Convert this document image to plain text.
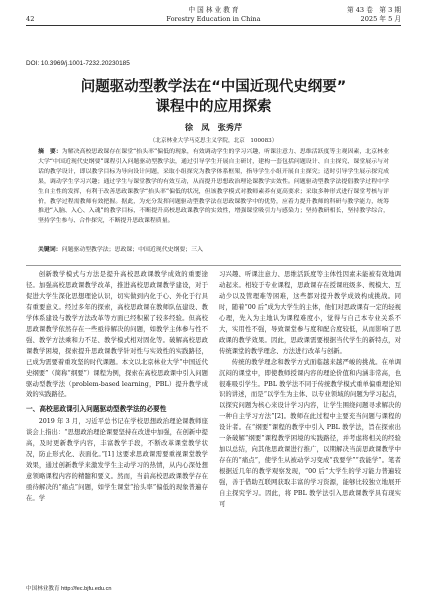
中 国 林 业 教 育
Forestry Education in China
42
第 43 卷　第 3 期
2025 年 5 月
DOI: 10.3969/j.1001-7232.20230185
问题驱动型教学法在“中国近现代史纲要”
课程中的应用探索
徐　凤　张秀芹
（北京林业大学马克思主义学院，北京　100083）
摘　要：为解决高校思政课存在课堂“抬头率”偏低的现象，有效调动学生的学习兴趣，听课注意力、思维活跃度等主观因素，北京林业大学“中国近现代史纲要”课程引入问题驱动型教学法，通过引导学生开展自主研讨，建构一套包括问题设计、自主探究、课堂展示与对话的教学设计，即以教学目标为导向设计问题，采取小组探究为教学体系框架，指导学生小组开展自主探究；适时引导学生展示探究成果，调动学生学习兴趣；通过学生与课堂教学的有效互动，从而提升思想政治理论课教学实效性。问题驱动型教学法提倡教学过程中学生自主性的发挥，有利于改善思政课教学“抬头率”偏低的状况，但该教学模式对教师素养有更高要求；采取多种形式进行课堂考核与评价，教学过程需教师有效把握。据此，为充分发挥问题驱动型教学法在思政课教学中的优势，应着力提升教师的科研与教学能力，统筹推进“入脑、入心、入魂”的教学目标，不断提升高校思政课教学的实效性，增强课堂吸引力与感染力；坚持教研相长，坚持教学综合，坚持学生参与、合作探究，不断提升思政课程质量。
关键词：问题驱动型教学法；思政课；中国近现代史纲要；三入

创新教学模式与方法是提升高校思政课教学成效的重要途径。加强高校思政课教学改革，推进高校思政课教学建设，对于促进大学生深化思想理论认识，切实做到内化于心、外化于行具有重要意义。经过多年的探索，高校思政课在教师队伍建设、教学体系建设与教学方法改革等方面已经积累了较多经验。但高校思政课教学依然存在一些亟待解决的问题，如教学主体参与性不强、教学方法乘和力不足、教学模式相对固化等。破解高校思政课教学困境，探索提升思政课教学针对性与实效性的实践路径，已成为需要着重攻坚的时代课题。本文以北京林业大学“中国近代史纲要”（简称“纲要”）课程为例，探索在高校思政课中引入问题驱动型教学法（problem-based learning，PBL）提升教学成效的实践路径。

一、高校思政课引入问题驱动型教学法的必要性

2019 年 3 月，习近平总书记在学校思想政治理论课教师座谈会上指出：“思想政治理论课要坚持在改进中加强，在创新中提高，及时更新教学内容，丰富教学手段，不断改革课堂教学状况，防止形式化、表面化。”[1] 这要求思政课需要重视课堂教学效果，通过创新教学来激发学生主动学习的热情，从内心深处想意领略课程内容的精髓和要义。然而，当前高校思政课教学存在亟待解决的“痛点”问题，如学生课堂“抬头率”偏低的现象普遍存在。学

习兴趣、听课注意力、思维活跃度等主体性因素未能被有效地调动起来。相较于专业课程，思政课存在授课班级多、规模大、互动少以及管理难等困难，这些都对提升教学成效构成挑战。同时，随着“00 后”成为大学生的主体，他们对思政课有一定的轻视心理，先入为主地认为课程难度小，觉得与自己本专业关系不大，实用性不强，导致课堂参与度和配合度较低，从而影响了思政课的教学效果。因此，思政课需要根据当代学生的新特点，对传统课堂的教学理念、方法进行改革与创新。

传统的教学理念和教学方式面临越来越严峻的挑战。在单调沉闷的课堂中，即使教师授课内容的理论价值和内涵非常高，也很难吸引学生。PBL 教学法不同于传统教学模式重单偏重理论知识的讲述，而是“以学生为主体、以专业领域的问题为学习起点，以探究问题为核心来设计学习内容，让学生围绕问题寻求解决的一种自主学习方法”[2]。教师在此过程中主要充当问题与课程的设计者。在“纲要”课程的教学中引入 PBL 教学法，旨在探索出一条破解“纲要”课程教学困境的实践路径，并考虑将相关的经验加以总结，向其他思政课进行推广，以期解决当前思政课教学中存在的“痛点”，使学生从被动学习变成“我要学”“我能学”。笔者根据近几年的教学观察发现，“00 后”大学生的学习能力普遍较强，善于借助互联网获取丰富的学习资源，能够比较独立地展开自主探究学习。因此，将 PBL 教学法引入思政课教学具有现实可

中国林业教育 http://fec.bjfu.edu.cn
